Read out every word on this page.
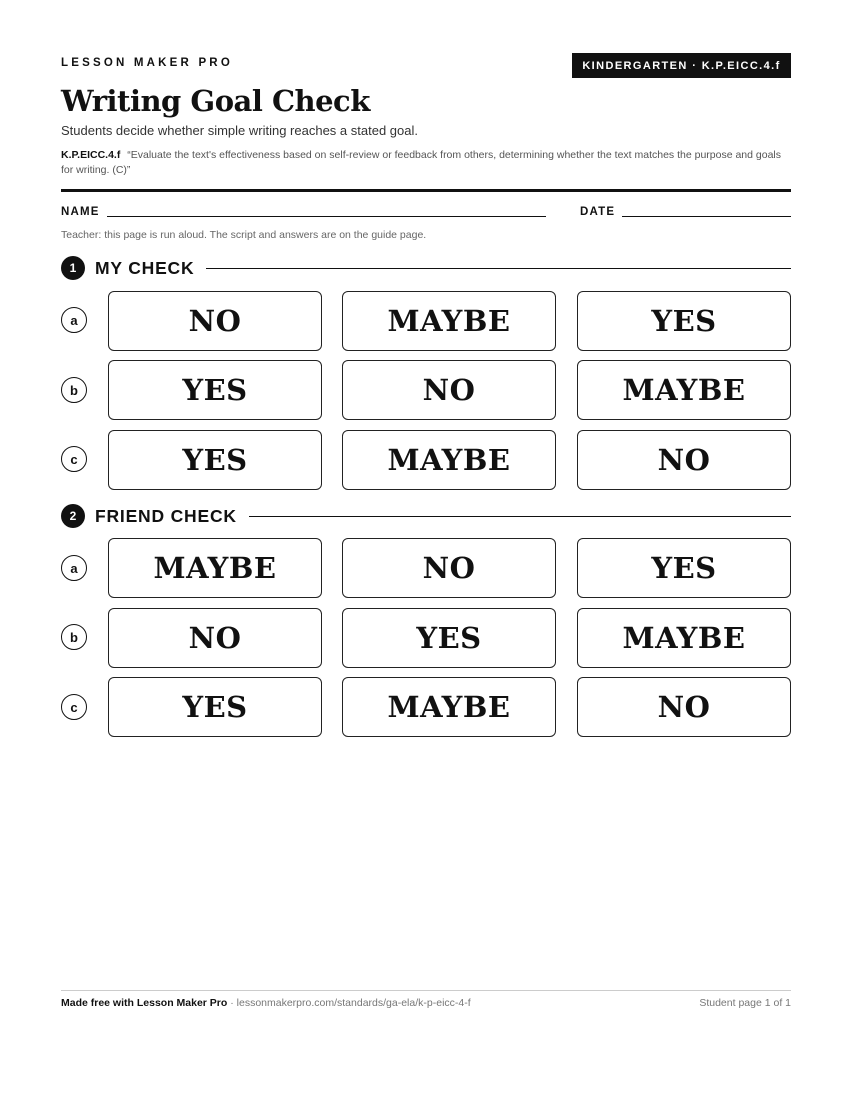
LESSON MAKER PRO	KINDERGARTEN · K.P.EICC.4.f
Writing Goal Check
Students decide whether simple writing reaches a stated goal.
K.P.EICC.4.f “Evaluate the text's effectiveness based on self-review or feedback from others, determining whether the text matches the purpose and goals for writing. (C)”
NAME	DATE
Teacher: this page is run aloud. The script and answers are on the guide page.
1	MY CHECK
a	NO	MAYBE	YES
b	YES	NO	MAYBE
c	YES	MAYBE	NO
2	FRIEND CHECK
a	MAYBE	NO	YES
b	NO	YES	MAYBE
c	YES	MAYBE	NO
Made free with Lesson Maker Pro · lessonmakerpro.com/standards/ga-ela/k-p-eicc-4-f	Student page 1 of 1
